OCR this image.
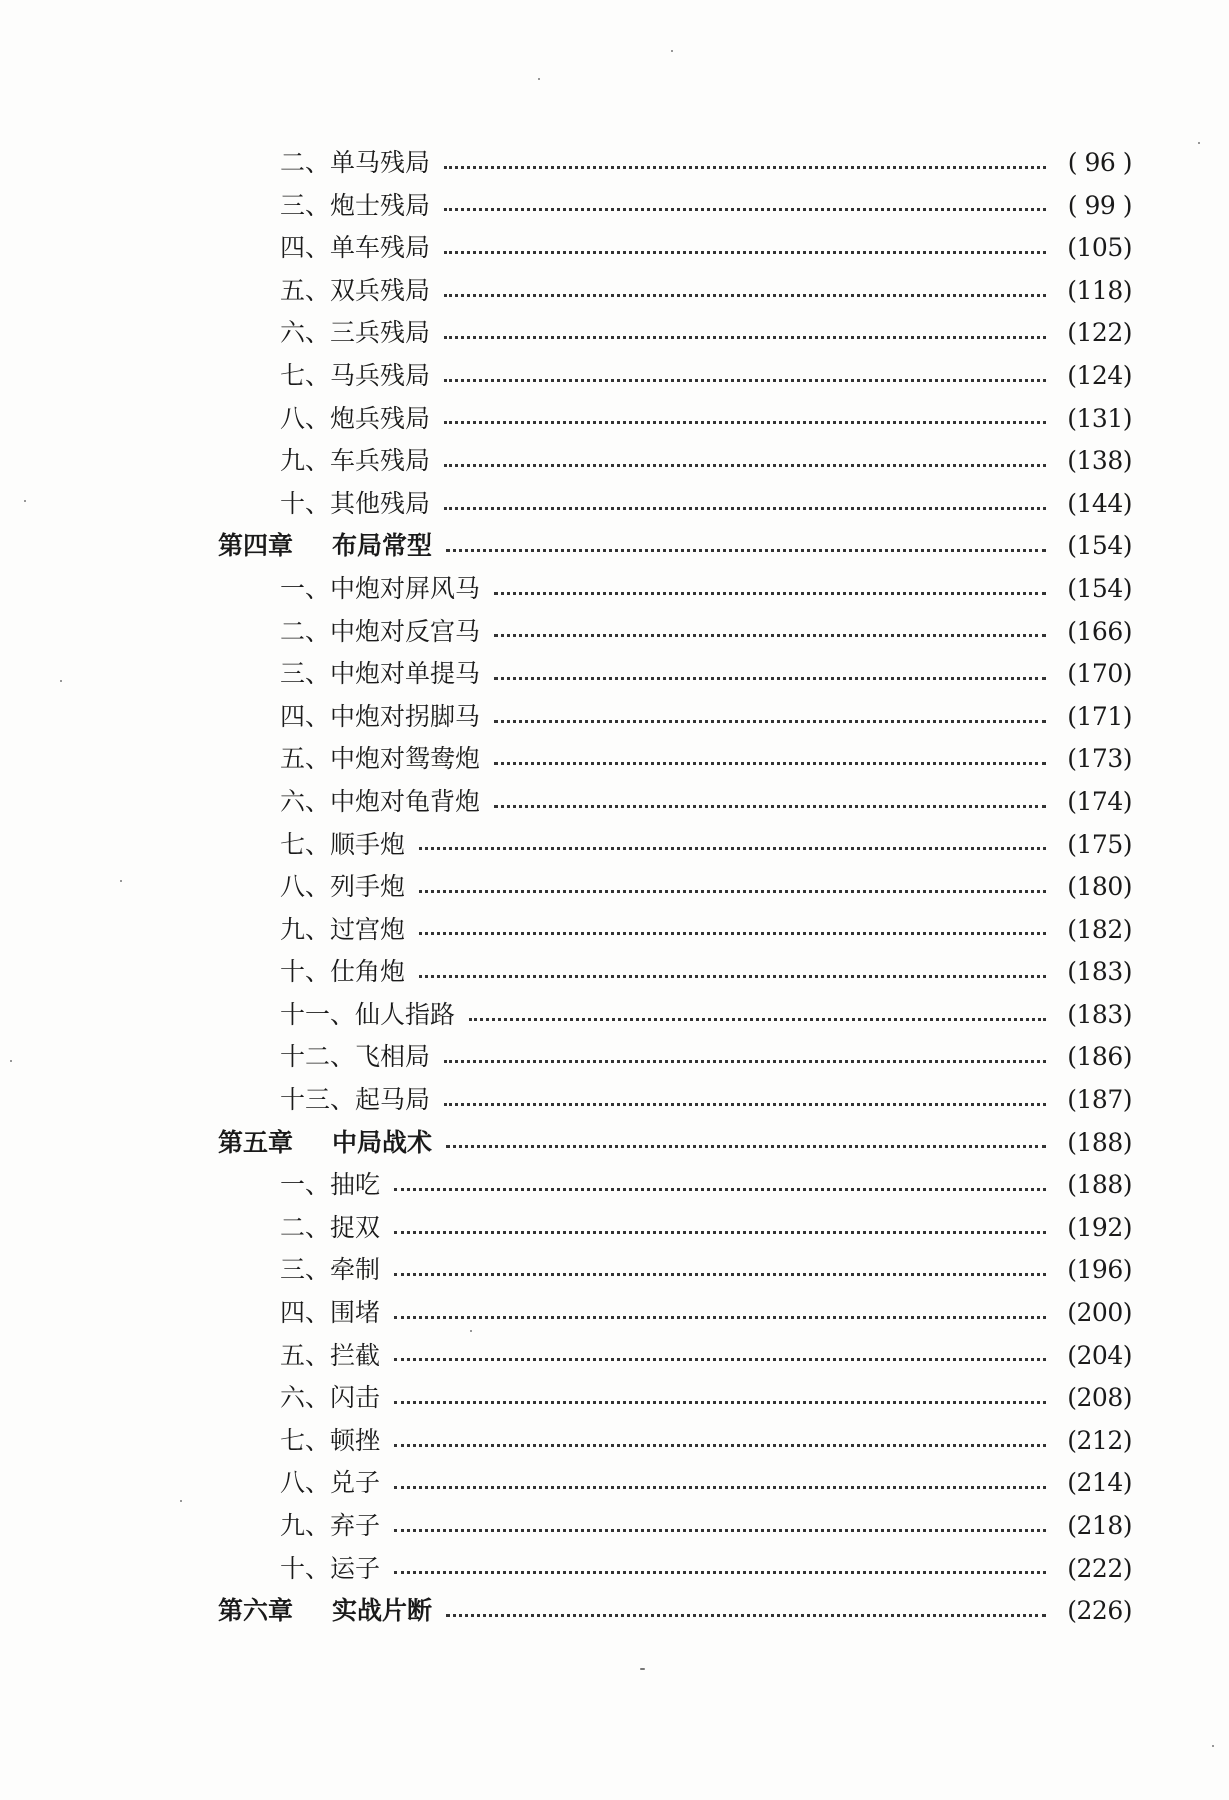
二、单马残局	( 96 )
三、炮士残局	( 99 )
四、单车残局	(105)
五、双兵残局	(118)
六、三兵残局	(122)
七、马兵残局	(124)
八、炮兵残局	(131)
九、车兵残局	(138)
十、其他残局	(144)
第四章 布局常型	(154)
一、中炮对屏风马	(154)
二、中炮对反宫马	(166)
三、中炮对单提马	(170)
四、中炮对拐脚马	(171)
五、中炮对鸳鸯炮	(173)
六、中炮对龟背炮	(174)
七、顺手炮	(175)
八、列手炮	(180)
九、过宫炮	(182)
十、仕角炮	(183)
十一、仙人指路	(183)
十二、飞相局	(186)
十三、起马局	(187)
第五章 中局战术	(188)
一、抽吃	(188)
二、捉双	(192)
三、牵制	(196)
四、围堵	(200)
五、拦截	(204)
六、闪击	(208)
七、顿挫	(212)
八、兑子	(214)
九、弃子	(218)
十、运子	(222)
第六章 实战片断	(226)
